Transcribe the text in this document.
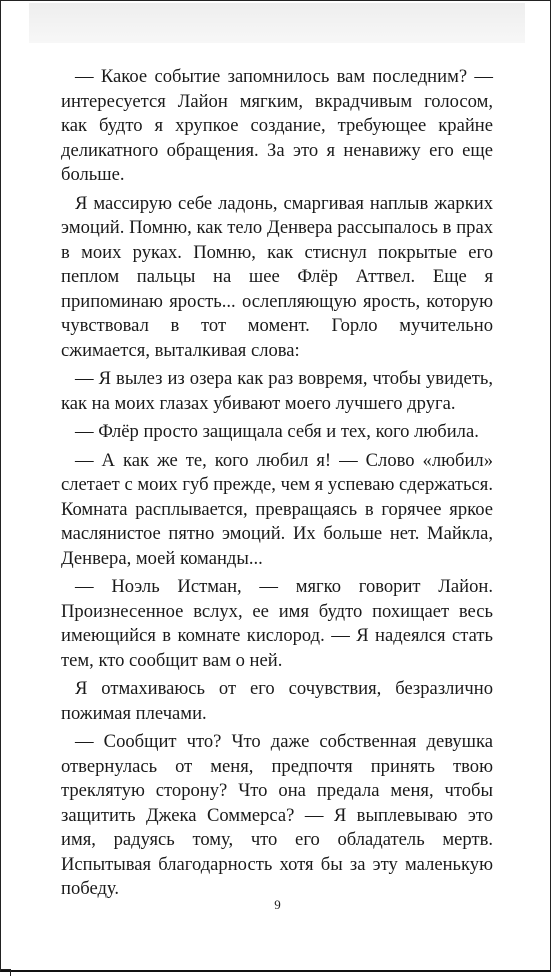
— Какое событие запомнилось вам последним? — интересуется Лайон мягким, вкрадчивым голосом, как будто я хрупкое создание, требующее крайне деликатного обращения. За это я ненавижу его еще больше.

Я массирую себе ладонь, смаргивая наплыв жарких эмоций. Помню, как тело Денвера рассыпалось в прах в моих руках. Помню, как стиснул покрытые его пеплом пальцы на шее Флёр Аттвел. Еще я припоминаю ярость... ослепляющую ярость, которую чувствовал в тот момент. Горло мучительно сжимается, выталкивая слова:

— Я вылез из озера как раз вовремя, чтобы увидеть, как на моих глазах убивают моего лучшего друга.

— Флёр просто защищала себя и тех, кого любила.

— А как же те, кого любил я! — Слово «любил» слетает с моих губ прежде, чем я успеваю сдержаться. Комната расплывается, превращаясь в горячее яркое маслянистое пятно эмоций. Их больше нет. Майкла, Денвера, моей команды...

— Ноэль Истман, — мягко говорит Лайон. Произнесенное вслух, ее имя будто похищает весь имеющийся в комнате кислород. — Я надеялся стать тем, кто сообщит вам о ней.

Я отмахиваюсь от его сочувствия, безразлично пожимая плечами.

— Сообщит что? Что даже собственная девушка отвернулась от меня, предпочтя принять твою треклятую сторону? Что она предала меня, чтобы защитить Джека Соммерса? — Я выплевываю это имя, радуясь тому, что его обладатель мертв. Испытывая благодарность хотя бы за эту маленькую победу.

9
